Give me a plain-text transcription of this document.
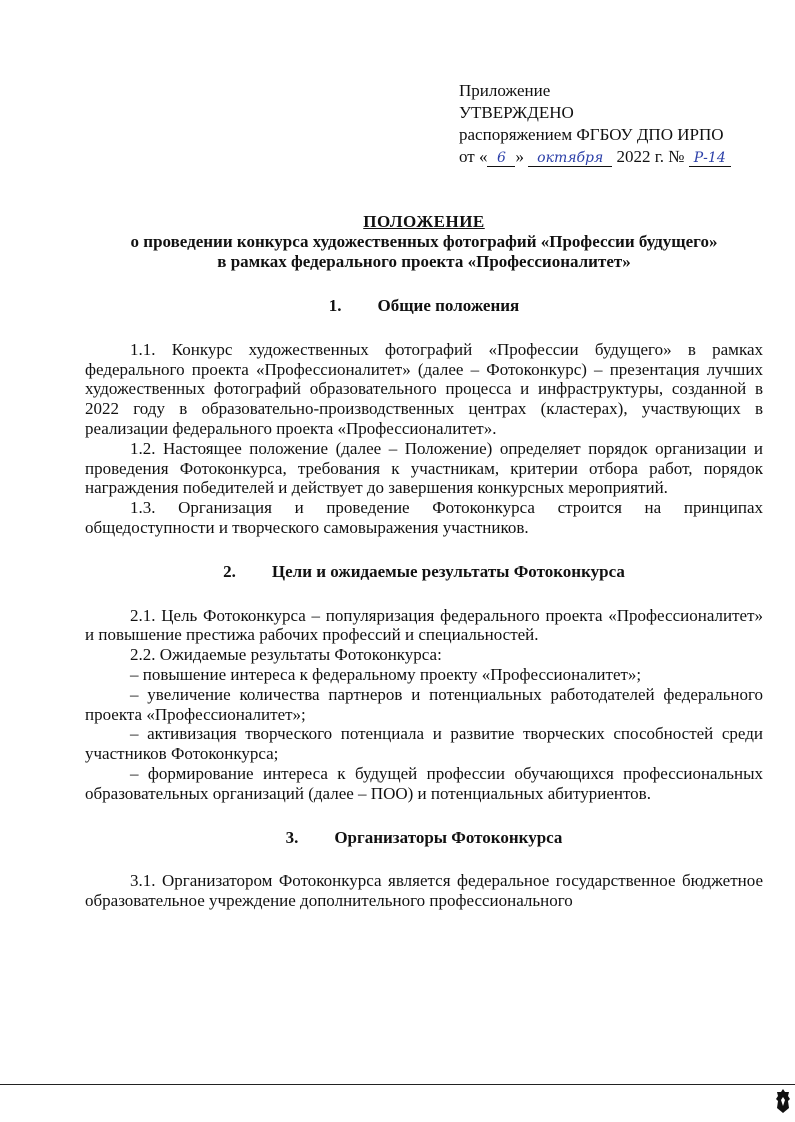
Приложение
УТВЕРЖДЕНО
распоряжением ФГБОУ ДПО ИРПО
от « 6 » октября 2022 г. № Р-14
ПОЛОЖЕНИЕ
о проведении конкурса художественных фотографий «Профессии будущего»
в рамках федерального проекта «Профессионалитет»
1. Общие положения

1.1. Конкурс художественных фотографий «Профессии будущего» в рамках федерального проекта «Профессионалитет» (далее – Фотоконкурс) – презентация лучших художественных фотографий образовательного процесса и инфраструктуры, созданной в 2022 году в образовательно-производственных центрах (кластерах), участвующих в реализации федерального проекта «Профессионалитет».

1.2. Настоящее положение (далее – Положение) определяет порядок организации и проведения Фотоконкурса, требования к участникам, критерии отбора работ, порядок награждения победителей и действует до завершения конкурсных мероприятий.

1.3. Организация и проведение Фотоконкурса строится на принципах общедоступности и творческого самовыражения участников.

2. Цели и ожидаемые результаты Фотоконкурса

2.1. Цель Фотоконкурса – популяризация федерального проекта «Профессионалитет» и повышение престижа рабочих профессий и специальностей.

2.2. Ожидаемые результаты Фотоконкурса:

– повышение интереса к федеральному проекту «Профессионалитет»;

– увеличение количества партнеров и потенциальных работодателей федерального проекта «Профессионалитет»;

– активизация творческого потенциала и развитие творческих способностей среди участников Фотоконкурса;

– формирование интереса к будущей профессии обучающихся профессиональных образовательных организаций (далее – ПОО) и потенциальных абитуриентов.

3. Организаторы Фотоконкурса

3.1. Организатором Фотоконкурса является федеральное государственное бюджетное образовательное учреждение дополнительного профессионального
